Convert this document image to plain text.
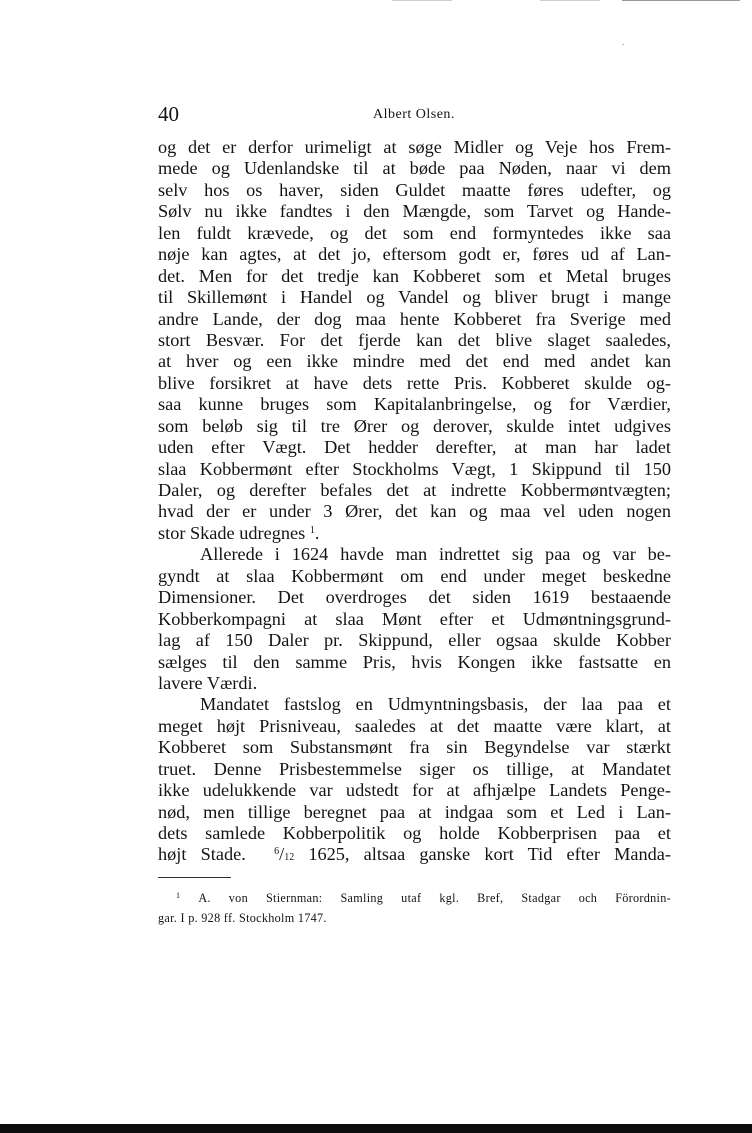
40	Albert Olsen.
og det er derfor urimeligt at søge Midler og Veje hos Frem-
mede og Udenlandske til at bøde paa Nøden, naar vi dem
selv hos os haver, siden Guldet maatte føres udefter, og
Sølv nu ikke fandtes i den Mængde, som Tarvet og Hande-
len fuldt krævede, og det som end formyntedes ikke saa
nøje kan agtes, at det jo, eftersom godt er, føres ud af Lan-
det. Men for det tredje kan Kobberet som et Metal bruges
til Skillemønt i Handel og Vandel og bliver brugt i mange
andre Lande, der dog maa hente Kobberet fra Sverige med
stort Besvær. For det fjerde kan det blive slaget saaledes,
at hver og een ikke mindre med det end med andet kan
blive forsikret at have dets rette Pris. Kobberet skulde og-
saa kunne bruges som Kapitalanbringelse, og for Værdier,
som beløb sig til tre Ører og derover, skulde intet udgives
uden efter Vægt. Det hedder derefter, at man har ladet
slaa Kobbermønt efter Stockholms Vægt, 1 Skippund til 150
Daler, og derefter befales det at indrette Kobbermøntvægten;
hvad der er under 3 Ører, det kan og maa vel uden nogen
stor Skade udregnes $^1$.
Allerede i 1624 havde man indrettet sig paa og var be-
gyndt at slaa Kobbermønt om end under meget beskedne
Dimensioner. Det overdroges det siden 1619 bestaaende
Kobberkompagni at slaa Mønt efter et Udmøntningsgrund-
lag af 150 Daler pr. Skippund, eller ogsaa skulde Kobber
sælges til den samme Pris, hvis Kongen ikke fastsatte en
lavere Værdi.
Mandatet fastslog en Udmyntningsbasis, der laa paa et
meget højt Prisniveau, saaledes at det maatte være klart, at
Kobberet som Substansmønt fra sin Begyndelse var stærkt
truet. Denne Prisbestemmelse siger os tillige, at Mandatet
ikke udelukkende var udstedt for at afhjælpe Landets Penge-
nød, men tillige beregnet paa at indgaa som et Led i Lan-
dets samlede Kobberpolitik og holde Kobberprisen paa et
højt Stade.	$^6$/12 1625, altsaa ganske kort Tid efter Manda-
$^1$ A. von Stiernman: Samling utaf kgl. Bref, Stadgar och Förordnin-
gar. I p. 928 ff. Stockholm 1747.
